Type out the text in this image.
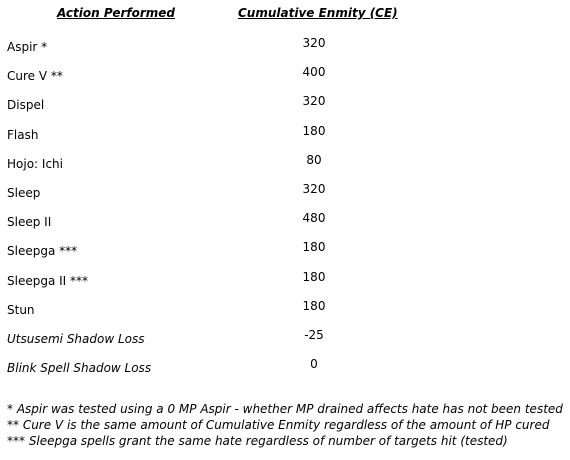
Action Performed	Cumulative Enmity (CE)
Aspir *	320
Cure V **	400
Dispel	320
Flash	180
Hojo: Ichi	80
Sleep	320
Sleep II	480
Sleepga ***	180
Sleepga II ***	180
Stun	180
Utsusemi Shadow Loss	-25
Blink Spell Shadow Loss	0
* Aspir was tested using a 0 MP Aspir - whether MP drained affects hate has not been tested
** Cure V is the same amount of Cumulative Enmity regardless of the amount of HP cured
*** Sleepga spells grant the same hate regardless of number of targets hit (tested)
